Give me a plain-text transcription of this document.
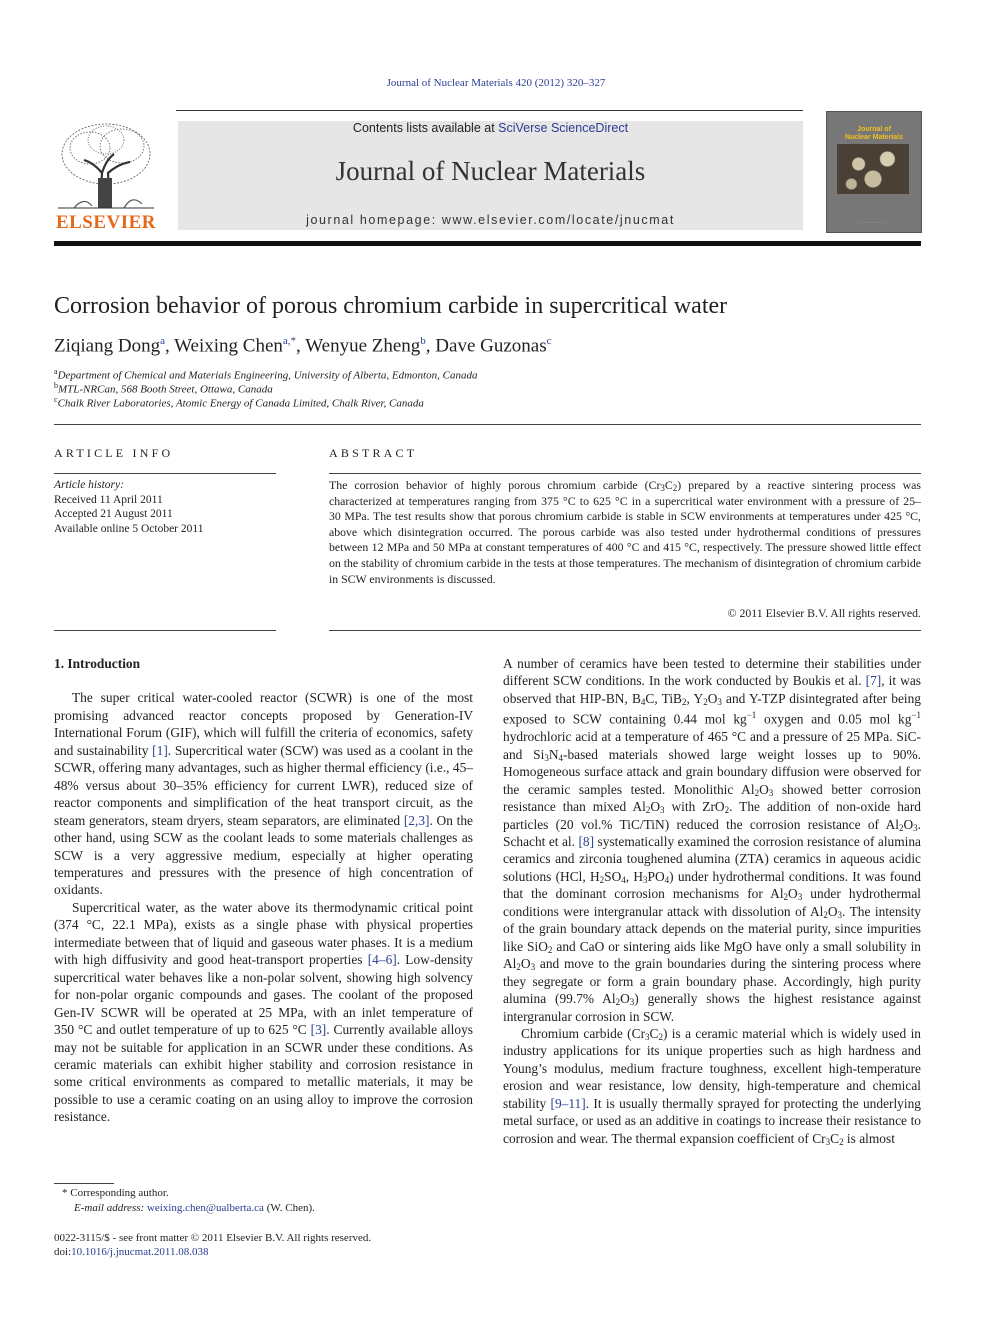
Journal of Nuclear Materials 420 (2012) 320–327
ELSEVIER
Contents lists available at SciVerse ScienceDirect
Journal of Nuclear Materials
journal homepage: www.elsevier.com/locate/jnucmat
Journal of
Nuclear Materials
· · · · · · · · · · ·
Corrosion behavior of porous chromium carbide in supercritical water
Ziqiang Dong$^a$, Weixing Chen$^{a,*}$, Wenyue Zheng$^b$, Dave Guzonas$^c$
$^a$Department of Chemical and Materials Engineering, University of Alberta, Edmonton, Canada
$^b$MTL-NRCan, 568 Booth Street, Ottawa, Canada
$^c$Chalk River Laboratories, Atomic Energy of Canada Limited, Chalk River, Canada
ARTICLE INFO
Article history:
Received 11 April 2011
Accepted 21 August 2011
Available online 5 October 2011
ABSTRACT
The corrosion behavior of highly porous chromium carbide $(Cr_3C_2)$ prepared by a reactive sintering process was characterized at temperatures ranging from 375 °C to 625 °C in a supercritical water environment with a pressure of 25–30 MPa. The test results show that porous chromium carbide is stable in SCW environments at temperatures under 425 °C, above which disintegration occurred. The porous carbide was also tested under hydrothermal conditions of pressures between 12 MPa and 50 MPa at constant temperatures of 400 °C and 415 °C, respectively. The pressure showed little effect on the stability of chromium carbide in the tests at those temperatures. The mechanism of disintegration of chromium carbide in SCW environments is discussed.
© 2011 Elsevier B.V. All rights reserved.
1. Introduction

The super critical water-cooled reactor (SCWR) is one of the most promising advanced reactor concepts proposed by Generation-IV International Forum (GIF), which will fulfill the criteria of economics, safety and sustainability [1]. Supercritical water (SCW) was used as a coolant in the SCWR, offering many advantages, such as higher thermal efficiency (i.e., 45–48% versus about 30–35% efficiency for current LWR), reduced size of reactor components and simplification of the heat transport circuit, as the steam generators, steam dryers, steam separators, are eliminated [2,3]. On the other hand, using SCW as the coolant leads to some materials challenges as SCW is a very aggressive medium, especially at higher operating temperatures and pressures with the presence of high concentration of oxidants.

Supercritical water, as the water above its thermodynamic critical point (374 °C, 22.1 MPa), exists as a single phase with physical properties intermediate between that of liquid and gaseous water phases. It is a medium with high diffusivity and good heat-transport properties [4–6]. Low-density supercritical water behaves like a non-polar solvent, showing high solvency for non-polar organic compounds and gases. The coolant of the proposed Gen-IV SCWR will be operated at 25 MPa, with an inlet temperature of 350 °C and outlet temperature of up to 625 °C [3]. Currently available alloys may not be suitable for application in an SCWR under these conditions. As ceramic materials can exhibit higher stability and corrosion resistance in some critical environments as compared to metallic materials, it may be possible to use a ceramic coating on an using alloy to improve the corrosion resistance.

A number of ceramics have been tested to determine their stabilities under different SCW conditions. In the work conducted by Boukis et al. [7], it was observed that HIP-BN, $B_4C$, TiB$_2$, $Y_2O_3$ and Y-TZP disintegrated after being exposed to SCW containing 0.44 mol $kg^{-1}$ oxygen and 0.05 mol $kg^{-1}$ hydrochloric acid at a temperature of 465 °C and a pressure of 25 MPa. SiC- and $Si_3N_4$-based materials showed large weight losses up to 90%. Homogeneous surface attack and grain boundary diffusion were observed for the ceramic samples tested. Monolithic $Al_2O_3$ showed better corrosion resistance than mixed $Al_2O_3$ with ZrO$_2$. The addition of non-oxide hard particles (20 vol.% TiC/TiN) reduced the corrosion resistance of $Al_2O_3$. Schacht et al. [8] systematically examined the corrosion resistance of alumina ceramics and zirconia toughened alumina (ZTA) ceramics in aqueous acidic solutions (HCl, $H_2SO_4$, $H_3PO_4$) under hydrothermal conditions. It was found that the dominant corrosion mechanisms for $Al_2O_3$ under hydrothermal conditions were intergranular attack with dissolution of $Al_2O_3$. The intensity of the grain boundary attack depends on the material purity, since impurities like SiO$_2$ and CaO or sintering aids like MgO have only a small solubility in $Al_2O_3$ and move to the grain boundaries during the sintering process where they segregate or form a grain boundary phase. Accordingly, high purity alumina (99.7% $Al_2O_3$) generally shows the highest resistance against intergranular corrosion in SCW.

Chromium carbide $(Cr_3C_2)$ is a ceramic material which is widely used in industry applications for its unique properties such as high hardness and Young’s modulus, medium fracture toughness, excellent high-temperature erosion and wear resistance, low density, high-temperature and chemical stability [9–11]. It is usually thermally sprayed for protecting the underlying metal surface, or used as an additive in coatings to increase their resistance to corrosion and wear. The thermal expansion coefficient of $Cr_3C_2$ is almost

* Corresponding author.
E-mail address: weixing.chen@ualberta.ca (W. Chen).
0022-3115/$ - see front matter © 2011 Elsevier B.V. All rights reserved.
doi:10.1016/j.jnucmat.2011.08.038
